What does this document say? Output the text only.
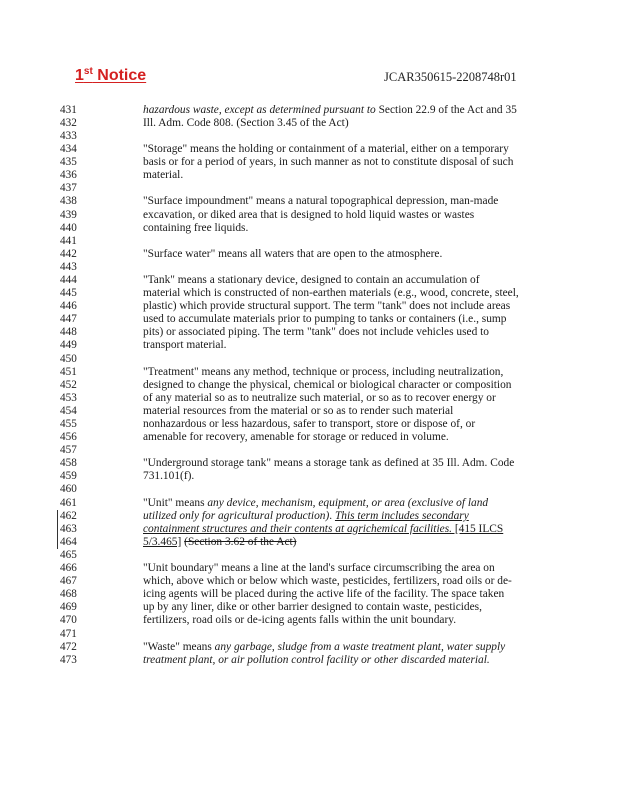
1st Notice	JCAR350615-2208748r01
431
432
433
434
435
436
437
438
439
440
441
442
443
444
445
446
447
448
449
450
451
452
453
454
455
456
457
458
459
460
461
462
463
464
465
466
467
468
469
470
471
472
473
hazardous waste, except as determined pursuant to Section 22.9 of the Act and 35
Ill. Adm. Code 808. (Section 3.45 of the Act)
"Storage" means the holding or containment of a material, either on a temporary
basis or for a period of years, in such manner as not to constitute disposal of such
material.
"Surface impoundment" means a natural topographical depression, man-made
excavation, or diked area that is designed to hold liquid wastes or wastes
containing free liquids.
"Surface water" means all waters that are open to the atmosphere.
"Tank" means a stationary device, designed to contain an accumulation of
material which is constructed of non-earthen materials (e.g., wood, concrete, steel,
plastic) which provide structural support. The term "tank" does not include areas
used to accumulate materials prior to pumping to tanks or containers (i.e., sump
pits) or associated piping. The term "tank" does not include vehicles used to
transport material.
"Treatment" means any method, technique or process, including neutralization,
designed to change the physical, chemical or biological character or composition
of any material so as to neutralize such material, or so as to recover energy or
material resources from the material or so as to render such material
nonhazardous or less hazardous, safer to transport, store or dispose of, or
amenable for recovery, amenable for storage or reduced in volume.
"Underground storage tank" means a storage tank as defined at 35 Ill. Adm. Code
731.101(f).
"Unit" means any device, mechanism, equipment, or area (exclusive of land
utilized only for agricultural production). This term includes secondary
containment structures and their contents at agrichemical facilities. [415 ILCS
5/3.465] (Section 3.62 of the Act)
"Unit boundary" means a line at the land's surface circumscribing the area on
which, above which or below which waste, pesticides, fertilizers, road oils or de-
icing agents will be placed during the active life of the facility. The space taken
up by any liner, dike or other barrier designed to contain waste, pesticides,
fertilizers, road oils or de-icing agents falls within the unit boundary.
"Waste" means any garbage, sludge from a waste treatment plant, water supply
treatment plant, or air pollution control facility or other discarded material.
